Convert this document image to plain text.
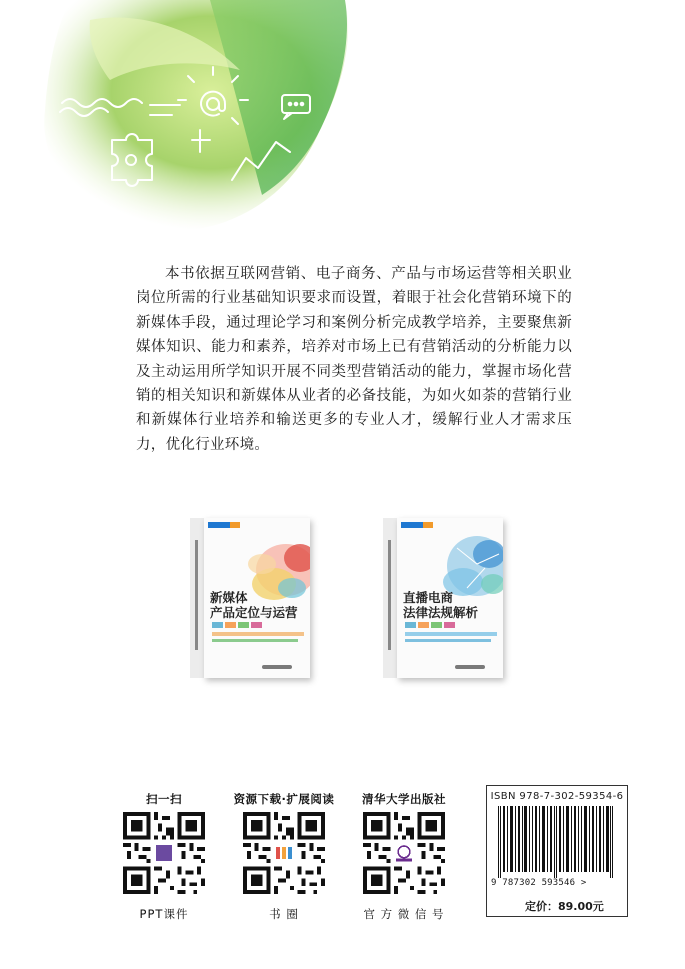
本书依据互联网营销、电子商务、产品与市场运营等相关职业岗位所需的行业基础知识要求而设置，着眼于社会化营销环境下的新媒体手段，通过理论学习和案例分析完成教学培养，主要聚焦新媒体知识、能力和素养，培养对市场上已有营销活动的分析能力以及主动运用所学知识开展不同类型营销活动的能力，掌握市场化营销的相关知识和新媒体从业者的必备技能，为如火如荼的营销行业和新媒体行业培养和输送更多的专业人才，缓解行业人才需求压力，优化行业环境。

新媒体
产品定位与运营
直播电商
法律法规解析
扫一扫	资源下载·扩展阅读	清华大学出版社
PPT课件	书 圈	官 方 微 信 号
ISBN 978-7-302-59354-6
9 787302 593546 >
定价：89.00元
